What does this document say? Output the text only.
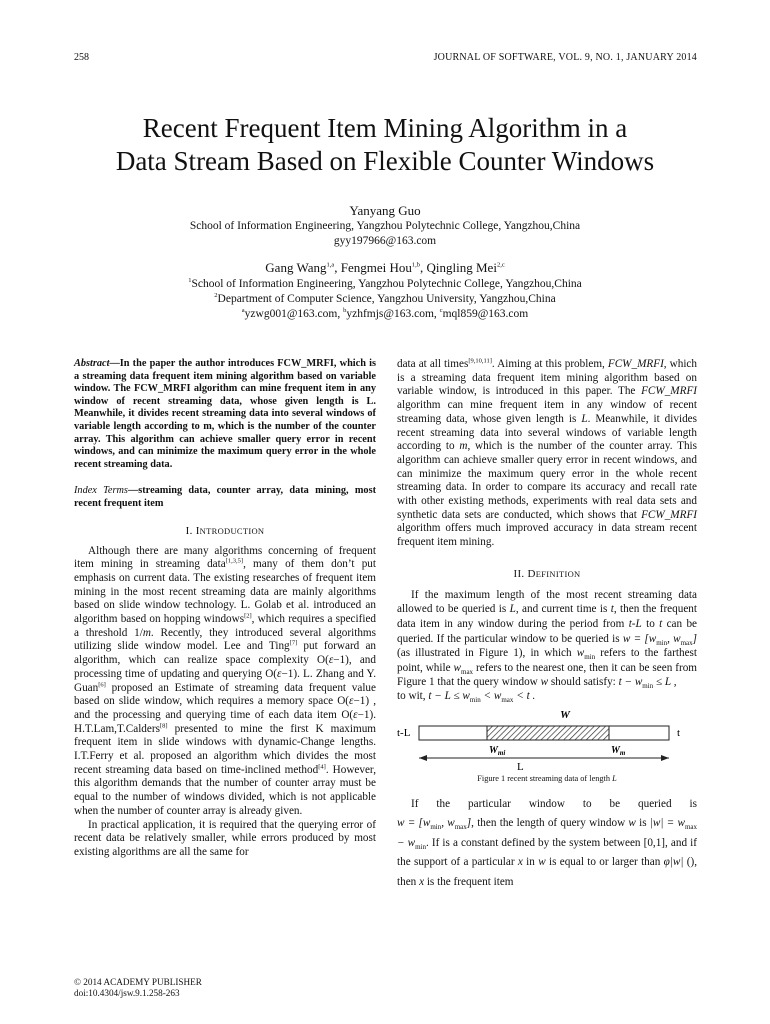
258	JOURNAL OF SOFTWARE, VOL. 9, NO. 1, JANUARY 2014
Recent Frequent Item Mining Algorithm in a
Data Stream Based on Flexible Counter Windows
Yanyang Guo
School of Information Engineering, Yangzhou Polytechnic College, Yangzhou,China
gyy197966@163.com
Gang Wang$^{1,a}$, Fengmei Hou$^{1,b}$, Qingling Mei$^{2,c}$
$^1$School of Information Engineering, Yangzhou Polytechnic College, Yangzhou,China
$^2$Department of Computer Science, Yangzhou University, Yangzhou,China
$^a$yzwg001@163.com, $^b$yzhfmjs@163.com, $^c$mql859@163.com

Abstract—In the paper the author introduces FCW_MRFI, which is a streaming data frequent item mining algorithm based on variable window. The FCW_MRFI algorithm can mine frequent item in any window of recent streaming data, whose given length is L. Meanwhile, it divides recent streaming data into several windows of variable length according to m, which is the number of the counter array. This algorithm can achieve smaller query error in recent windows, and can minimize the maximum query error in the whole recent streaming data.

Index Terms—streaming data, counter array, data mining, most recent frequent item

I. INTRODUCTION

Although there are many algorithms concerning of frequent item mining in streaming data[1,3,5], many of them don’t put emphasis on current data. The existing researches of frequent item mining in the most recent streaming data are mainly algorithms based on slide window technology. L. Golab et al. introduced an algorithm based on hopping windows[2], which requires a specified a threshold 1/m. Recently, they introduced several algorithms utilizing slide window model. Lee and Ting[7] put forward an algorithm, which can realize space complexity O(ε−1), and processing time of updating and querying O(ε−1). L. Zhang and Y. Guan[6] proposed an Estimate of streaming data frequent value based on slide window, which requires a memory space O(ε−1) , and the processing and querying time of each data item O(ε−1). H.T.Lam,T.Calders[8] presented to mine the first K maximum frequent item in slide windows with dynamic-Change lengths. I.T.Ferry et al. proposed an algorithm which divides the most recent streaming data based on time-inclined method[4]. However, this algorithm demands that the number of counter array must be equal to the number of windows divided, which is not applicable when the number of counter array is already given.

In practical application, it is required that the querying error of recent data be relatively smaller, while errors produced by most existing algorithms are all the same for

data at all times[9,10,11]. Aiming at this problem, FCW_MRFI, which is a streaming data frequent item mining algorithm based on variable window, is introduced in this paper. The FCW_MRFI algorithm can mine frequent item in any window of recent streaming data, whose given length is L. Meanwhile, it divides recent streaming data into several windows of variable length according to m, which is the number of the counter array. This algorithm can achieve smaller query error in recent windows, and can minimize the maximum query error in the whole recent streaming data. In order to compare its accuracy and recall rate with other existing methods, experiments with real data sets and synthetic data sets are conducted, which shows that FCW_MRFI algorithm offers much improved accuracy in data stream recent frequent item mining.

II. DEFINITION

If the maximum length of the most recent streaming data allowed to be queried is L, and current time is t, then the frequent data item in any window during the period from t-L to t can be queried. If the particular window to be queried is $w = [w_{min}$, $w_{max}$] (as illustrated in Figure 1), in which $w_{min}$ refers to the farthest point, while $w_{max}$ refers to the nearest one, then it can be seen from Figure 1 that the query window w should satisfy: $t - w_{min} \le L$ ,

to wit, $t - L \le w_{min} < w_{max} < t$ .

W
t-L	t
$W_{mi}$	$W_m$
L
Figure 1 recent streaming data of length L

If the particular window to be queried is $w = [w_{min}$, $w_{max}$], then the length of query window w is $|w| = w_{max} - w_{min}$. If is a constant defined by the system between [0,1], and if the support of a particular x in w is equal to or larger than φ|w| (), then x is the frequent item

© 2014 ACADEMY PUBLISHER
doi:10.4304/jsw.9.1.258-263
